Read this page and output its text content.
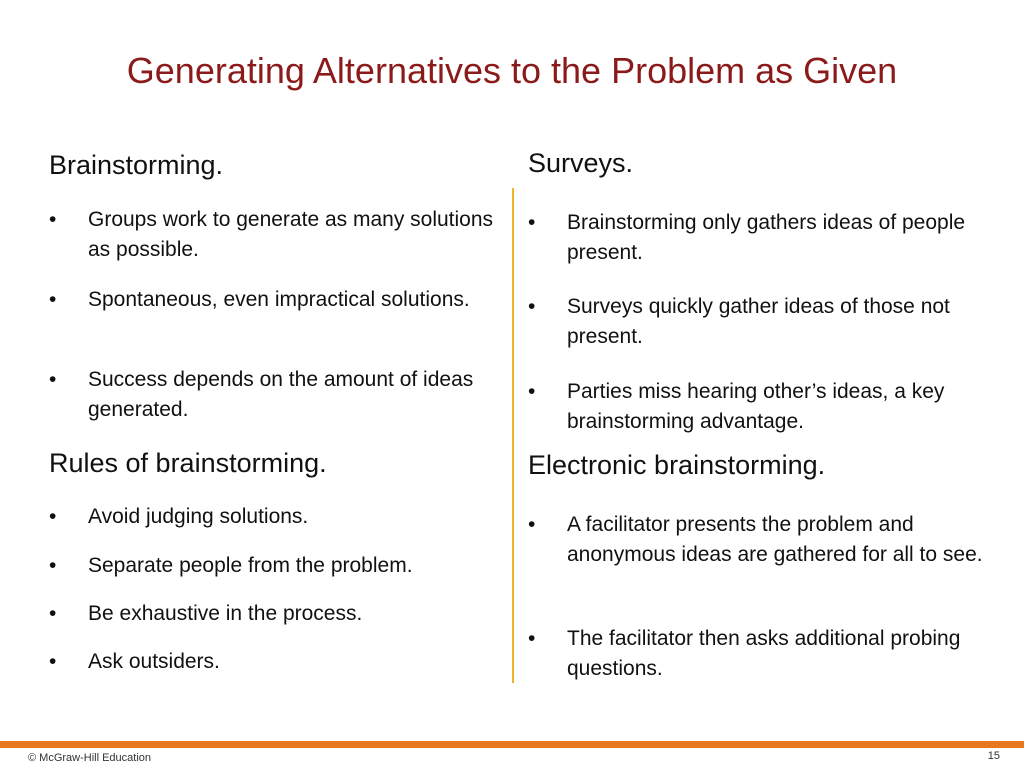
Generating Alternatives to the Problem as Given
Brainstorming.
• Groups work to generate as many solutions as possible.
• Spontaneous, even impractical solutions.
• Success depends on the amount of ideas generated.
Rules of brainstorming.
• Avoid judging solutions.
• Separate people from the problem.
• Be exhaustive in the process.
• Ask outsiders.
Surveys.
• Brainstorming only gathers ideas of people present.
• Surveys quickly gather ideas of those not present.
• Parties miss hearing other’s ideas, a key brainstorming advantage.
Electronic brainstorming.
• A facilitator presents the problem and anonymous ideas are gathered for all to see.
• The facilitator then asks additional probing questions.
© McGraw-Hill Education	15
